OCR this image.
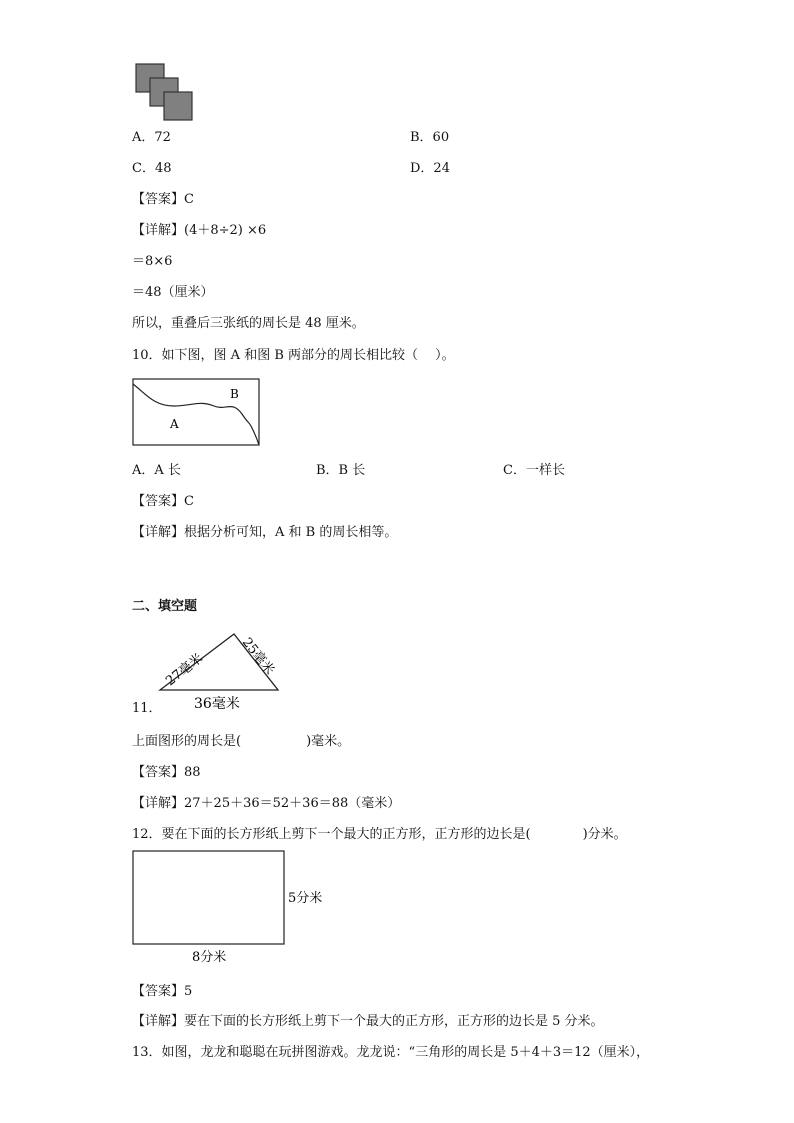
A．72	B．60
C．48	D．24
【答案】C
【详解】(4＋8÷2) ×6
＝8×6
＝48（厘米）
所以，重叠后三张纸的周长是 48 厘米。
10．如下图，图 A 和图 B 两部分的周长相比较（　 ）。
A
B
A．A 长	B．B 长	C．一样长
【答案】C
【详解】根据分析可知，A 和 B 的周长相等。
二、填空题
27毫米	25毫米
36毫米
11．
上面图形的周长是(　　　　　)毫米。
【答案】88
【详解】27＋25＋36＝52＋36＝88（毫米）
12．要在下面的长方形纸上剪下一个最大的正方形，正方形的边长是(　　　　)分米。
5分米
8分米
【答案】5
【详解】要在下面的长方形纸上剪下一个最大的正方形，正方形的边长是 5 分米。
13．如图，龙龙和聪聪在玩拼图游戏。龙龙说：“三角形的周长是 5＋4＋3＝12（厘米），
